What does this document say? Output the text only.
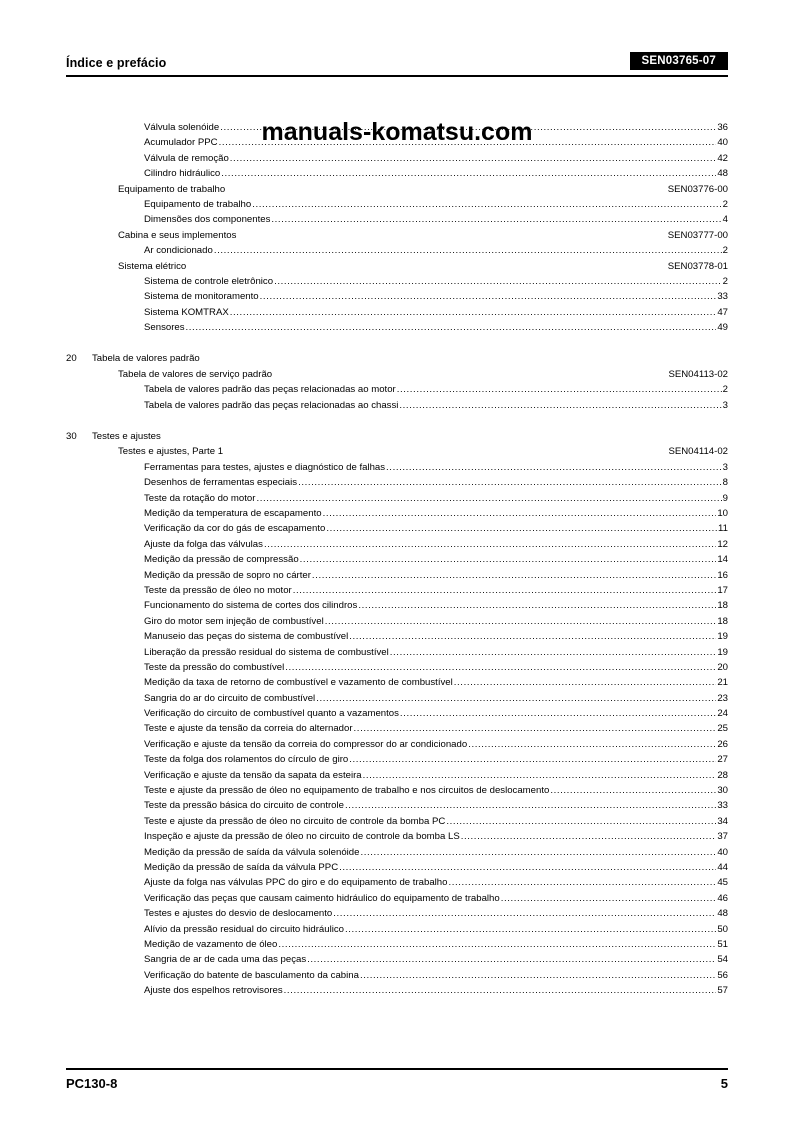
Índice e prefácio	SEN03765-07
manuals-komatsu.com
Válvula solenóide .....	36
Acumulador PPC .....	40
Válvula de remoção .....	42
Cilindro hidráulico .....	48
Equipamento de trabalho	SEN03776-00
Equipamento de trabalho .....	2
Dimensões dos componentes .....	4
Cabina e seus implementos	SEN03777-00
Ar condicionado .....	2
Sistema elétrico	SEN03778-01
Sistema de controle eletrônico .....	2
Sistema de monitoramento .....	33
Sistema KOMTRAX .....	47
Sensores .....	49
20	Tabela de valores padrão
Tabela de valores de serviço padrão	SEN04113-02
Tabela de valores padrão das peças relacionadas ao motor .....	2
Tabela de valores padrão das peças relacionadas ao chassi .....	3
30	Testes e ajustes
Testes e ajustes, Parte 1	SEN04114-02
Ferramentas para testes, ajustes e diagnóstico de falhas .....	3
Desenhos de ferramentas especiais .....	8
Teste da rotação do motor .....	9
Medição da temperatura de escapamento .....	10
Verificação da cor do gás de escapamento .....	11
Ajuste da folga das válvulas .....	12
Medição da pressão de compressão .....	14
Medição da pressão de sopro no cárter .....	16
Teste da pressão de óleo no motor .....	17
Funcionamento do sistema de cortes dos cilindros .....	18
Giro do motor sem injeção de combustível .....	18
Manuseio das peças do sistema de combustível .....	19
Liberação da pressão residual do sistema de combustível .....	19
Teste da pressão do combustível .....	20
Medição da taxa de retorno de combustível e vazamento de combustível .....	21
Sangria do ar do circuito de combustível .....	23
Verificação do circuito de combustível quanto a vazamentos .....	24
Teste e ajuste da tensão da correia do alternador .....	25
Verificação e ajuste da tensão da correia do compressor do ar condicionado .....	26
Teste da folga dos rolamentos do círculo de giro .....	27
Verificação e ajuste da tensão da sapata da esteira .....	28
Teste e ajuste da pressão de óleo no equipamento de trabalho e nos circuitos de deslocamento .....	30
Teste da pressão básica do circuito de controle .....	33
Teste e ajuste da pressão de óleo no circuito de controle da bomba PC .....	34
Inspeção e ajuste da pressão de óleo no circuito de controle da bomba LS .....	37
Medição da pressão de saída da válvula solenóide .....	40
Medição da pressão de saída da válvula PPC .....	44
Ajuste da folga nas válvulas PPC do giro e do equipamento de trabalho .....	45
Verificação das peças que causam caimento hidráulico do equipamento de trabalho .....	46
Testes e ajustes do desvio de deslocamento .....	48
Alívio da pressão residual do circuito hidráulico .....	50
Medição de vazamento de óleo .....	51
Sangria de ar de cada uma das peças .....	54
Verificação do batente de basculamento da cabina .....	56
Ajuste dos espelhos retrovisores .....	57
PC130-8	5
